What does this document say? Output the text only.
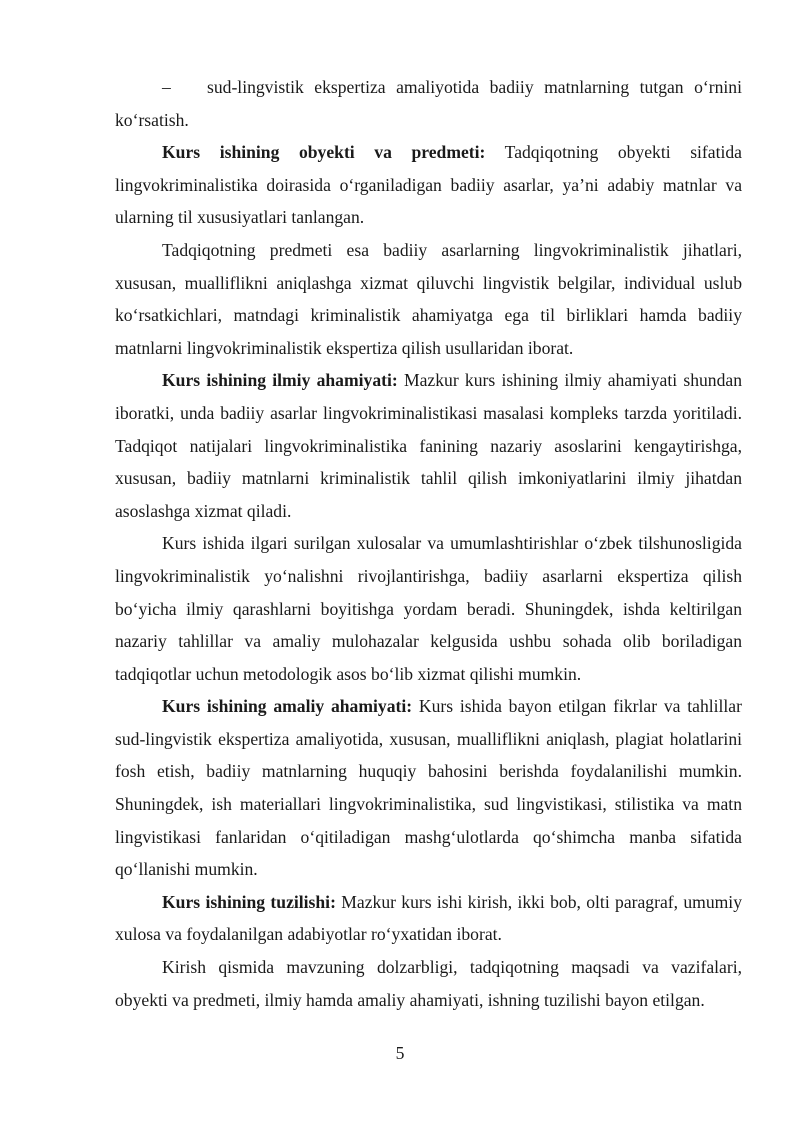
– sud-lingvistik ekspertiza amaliyotida badiiy matnlarning tutgan o‘rnini ko‘rsatish.

Kurs ishining obyekti va predmeti: Tadqiqotning obyekti sifatida lingvokriminalistika doirasida o‘rganiladigan badiiy asarlar, ya’ni adabiy matnlar va ularning til xususiyatlari tanlangan.

Tadqiqotning predmeti esa badiiy asarlarning lingvokriminalistik jihatlari, xususan, mualliflikni aniqlashga xizmat qiluvchi lingvistik belgilar, individual uslub ko‘rsatkichlari, matndagi kriminalistik ahamiyatga ega til birliklari hamda badiiy matnlarni lingvokriminalistik ekspertiza qilish usullaridan iborat.

Kurs ishining ilmiy ahamiyati: Mazkur kurs ishining ilmiy ahamiyati shundan iboratki, unda badiiy asarlar lingvokriminalistikasi masalasi kompleks tarzda yoritiladi. Tadqiqot natijalari lingvokriminalistika fanining nazariy asoslarini kengaytirishga, xususan, badiiy matnlarni kriminalistik tahlil qilish imkoniyatlarini ilmiy jihatdan asoslashga xizmat qiladi.

Kurs ishida ilgari surilgan xulosalar va umumlashtirishlar o‘zbek tilshunosligida lingvokriminalistik yo‘nalishni rivojlantirishga, badiiy asarlarni ekspertiza qilish bo‘yicha ilmiy qarashlarni boyitishga yordam beradi. Shuningdek, ishda keltirilgan nazariy tahlillar va amaliy mulohazalar kelgusida ushbu sohada olib boriladigan tadqiqotlar uchun metodologik asos bo‘lib xizmat qilishi mumkin.

Kurs ishining amaliy ahamiyati: Kurs ishida bayon etilgan fikrlar va tahlillar sud-lingvistik ekspertiza amaliyotida, xususan, muallifliknі aniqlash, plagiat holatlarini fosh etish, badiiy matnlarning huquqiy bahosini berishda foydalanilishi mumkin. Shuningdek, ish materiallari lingvokriminalistika, sud lingvistikasi, stilistika va matn lingvistikasi fanlaridan o‘qitiladigan mashg‘ulotlarda qo‘shimcha manba sifatida qo‘llanishi mumkin.

Kurs ishining tuzilishi: Mazkur kurs ishi kirish, ikki bob, olti paragraf, umumiy xulosa va foydalanilgan adabiyotlar ro‘yxatidan iborat.

Kirish qismida mavzuning dolzarbligi, tadqiqotning maqsadi va vazifalari, obyekti va predmeti, ilmiy hamda amaliy ahamiyati, ishning tuzilishi bayon etilgan.

5
